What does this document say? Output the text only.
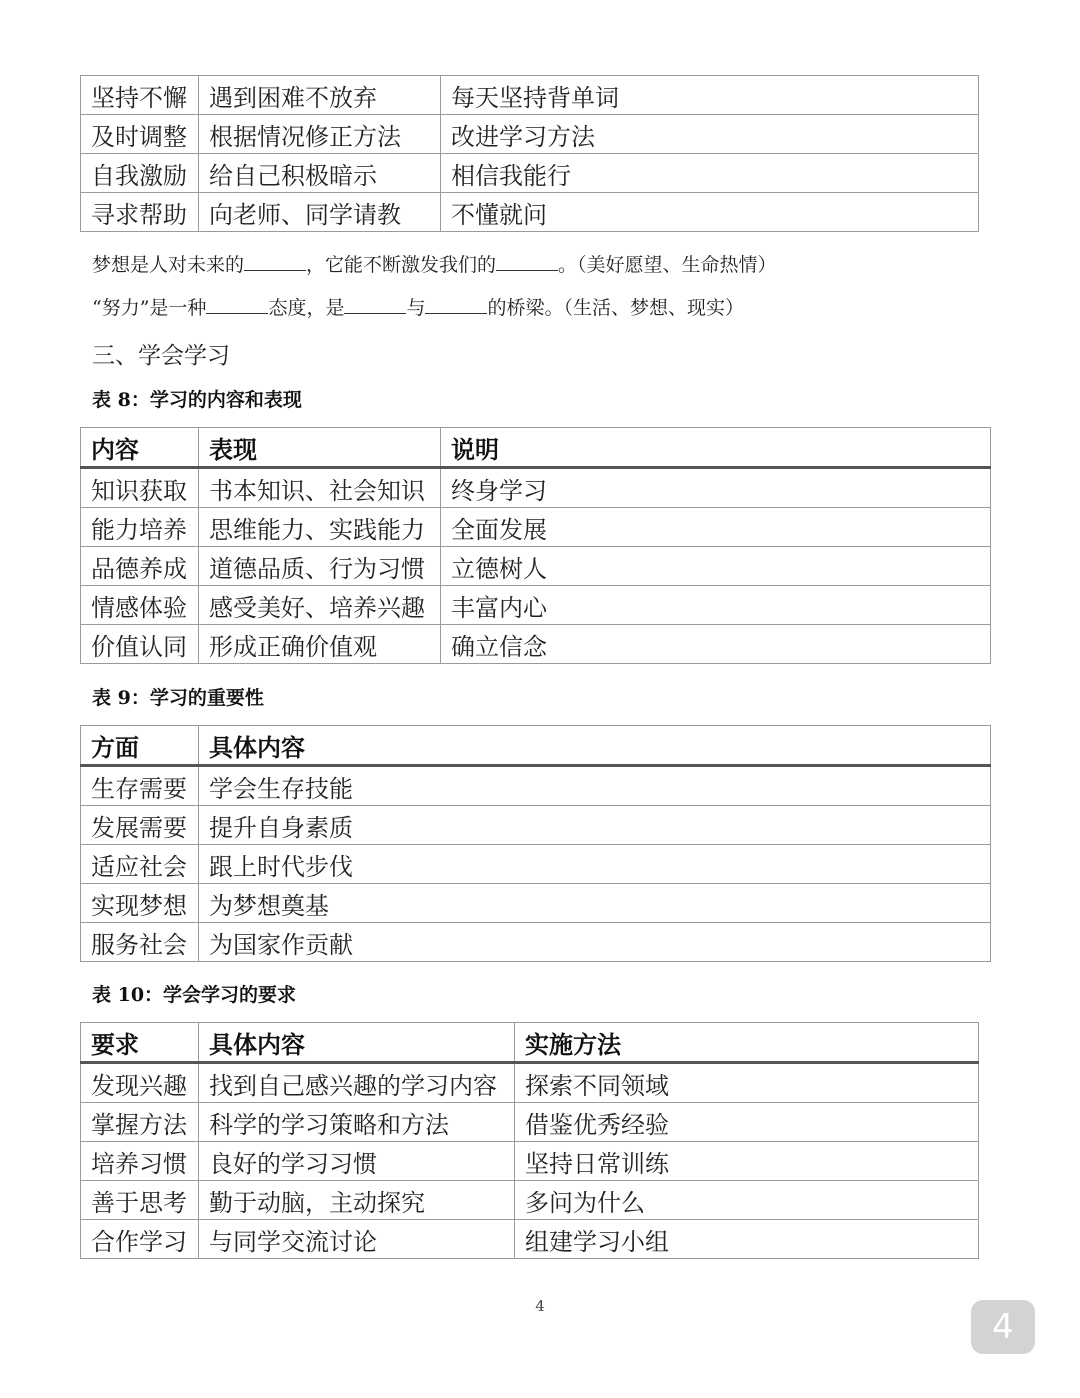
坚持不懈	遇到困难不放弃	每天坚持背单词
及时调整	根据情况修正方法	改进学习方法
自我激励	给自己积极暗示	相信我能行
寻求帮助	向老师、同学请教	不懂就问
梦想是人对未来的	，它能不断激发我们的	。（美好愿望、生命热情）
“努力”是一种	态度，是	与	的桥梁。（生活、梦想、现实）
三、学会学习
表 8：学习的内容和表现
内容	表现	说明
知识获取	书本知识、社会知识	终身学习
能力培养	思维能力、实践能力	全面发展
品德养成	道德品质、行为习惯	立德树人
情感体验	感受美好、培养兴趣	丰富内心
价值认同	形成正确价值观	确立信念
表 9：学习的重要性
方面	具体内容
生存需要	学会生存技能
发展需要	提升自身素质
适应社会	跟上时代步伐
实现梦想	为梦想奠基
服务社会	为国家作贡献
表 10：学会学习的要求
要求	具体内容	实施方法
发现兴趣	找到自己感兴趣的学习内容	探索不同领域
掌握方法	科学的学习策略和方法	借鉴优秀经验
培养习惯	良好的学习习惯	坚持日常训练
善于思考	勤于动脑，主动探究	多问为什么
合作学习	与同学交流讨论	组建学习小组
4
4
